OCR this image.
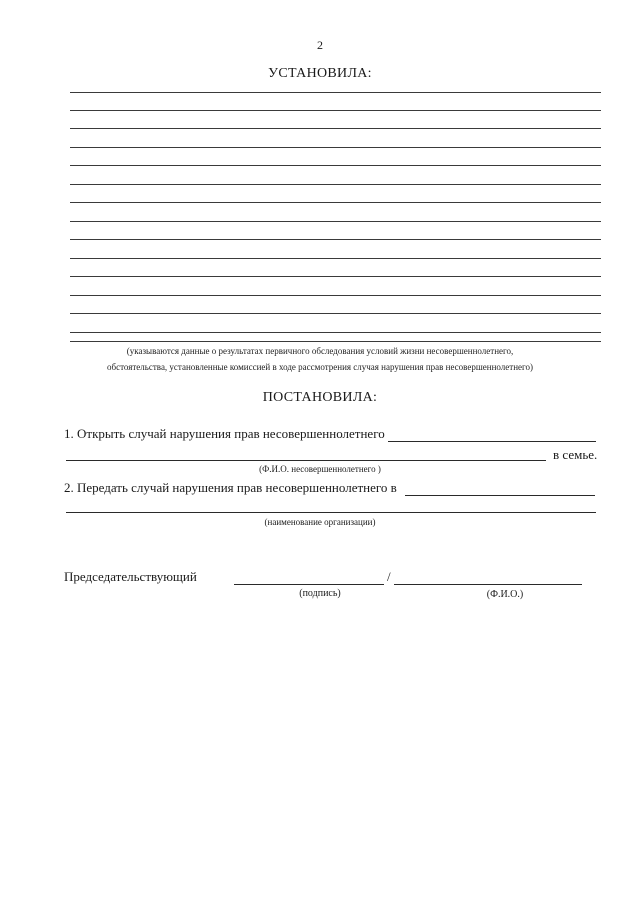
2
УСТАНОВИЛА:
(указываются данные о результатах первичного обследования условий жизни несовершеннолетнего,
обстоятельства, установленные комиссией в ходе рассмотрения случая нарушения прав несовершеннолетнего)
ПОСТАНОВИЛА:
1. Открыть случай нарушения прав несовершеннолетнего
в семье.
(Ф.И.О. несовершеннолетнего )
2. Передать случай нарушения прав несовершеннолетнего в
(наименование организации)
Председательствующий	/
(подпись)	(Ф.И.О.)
